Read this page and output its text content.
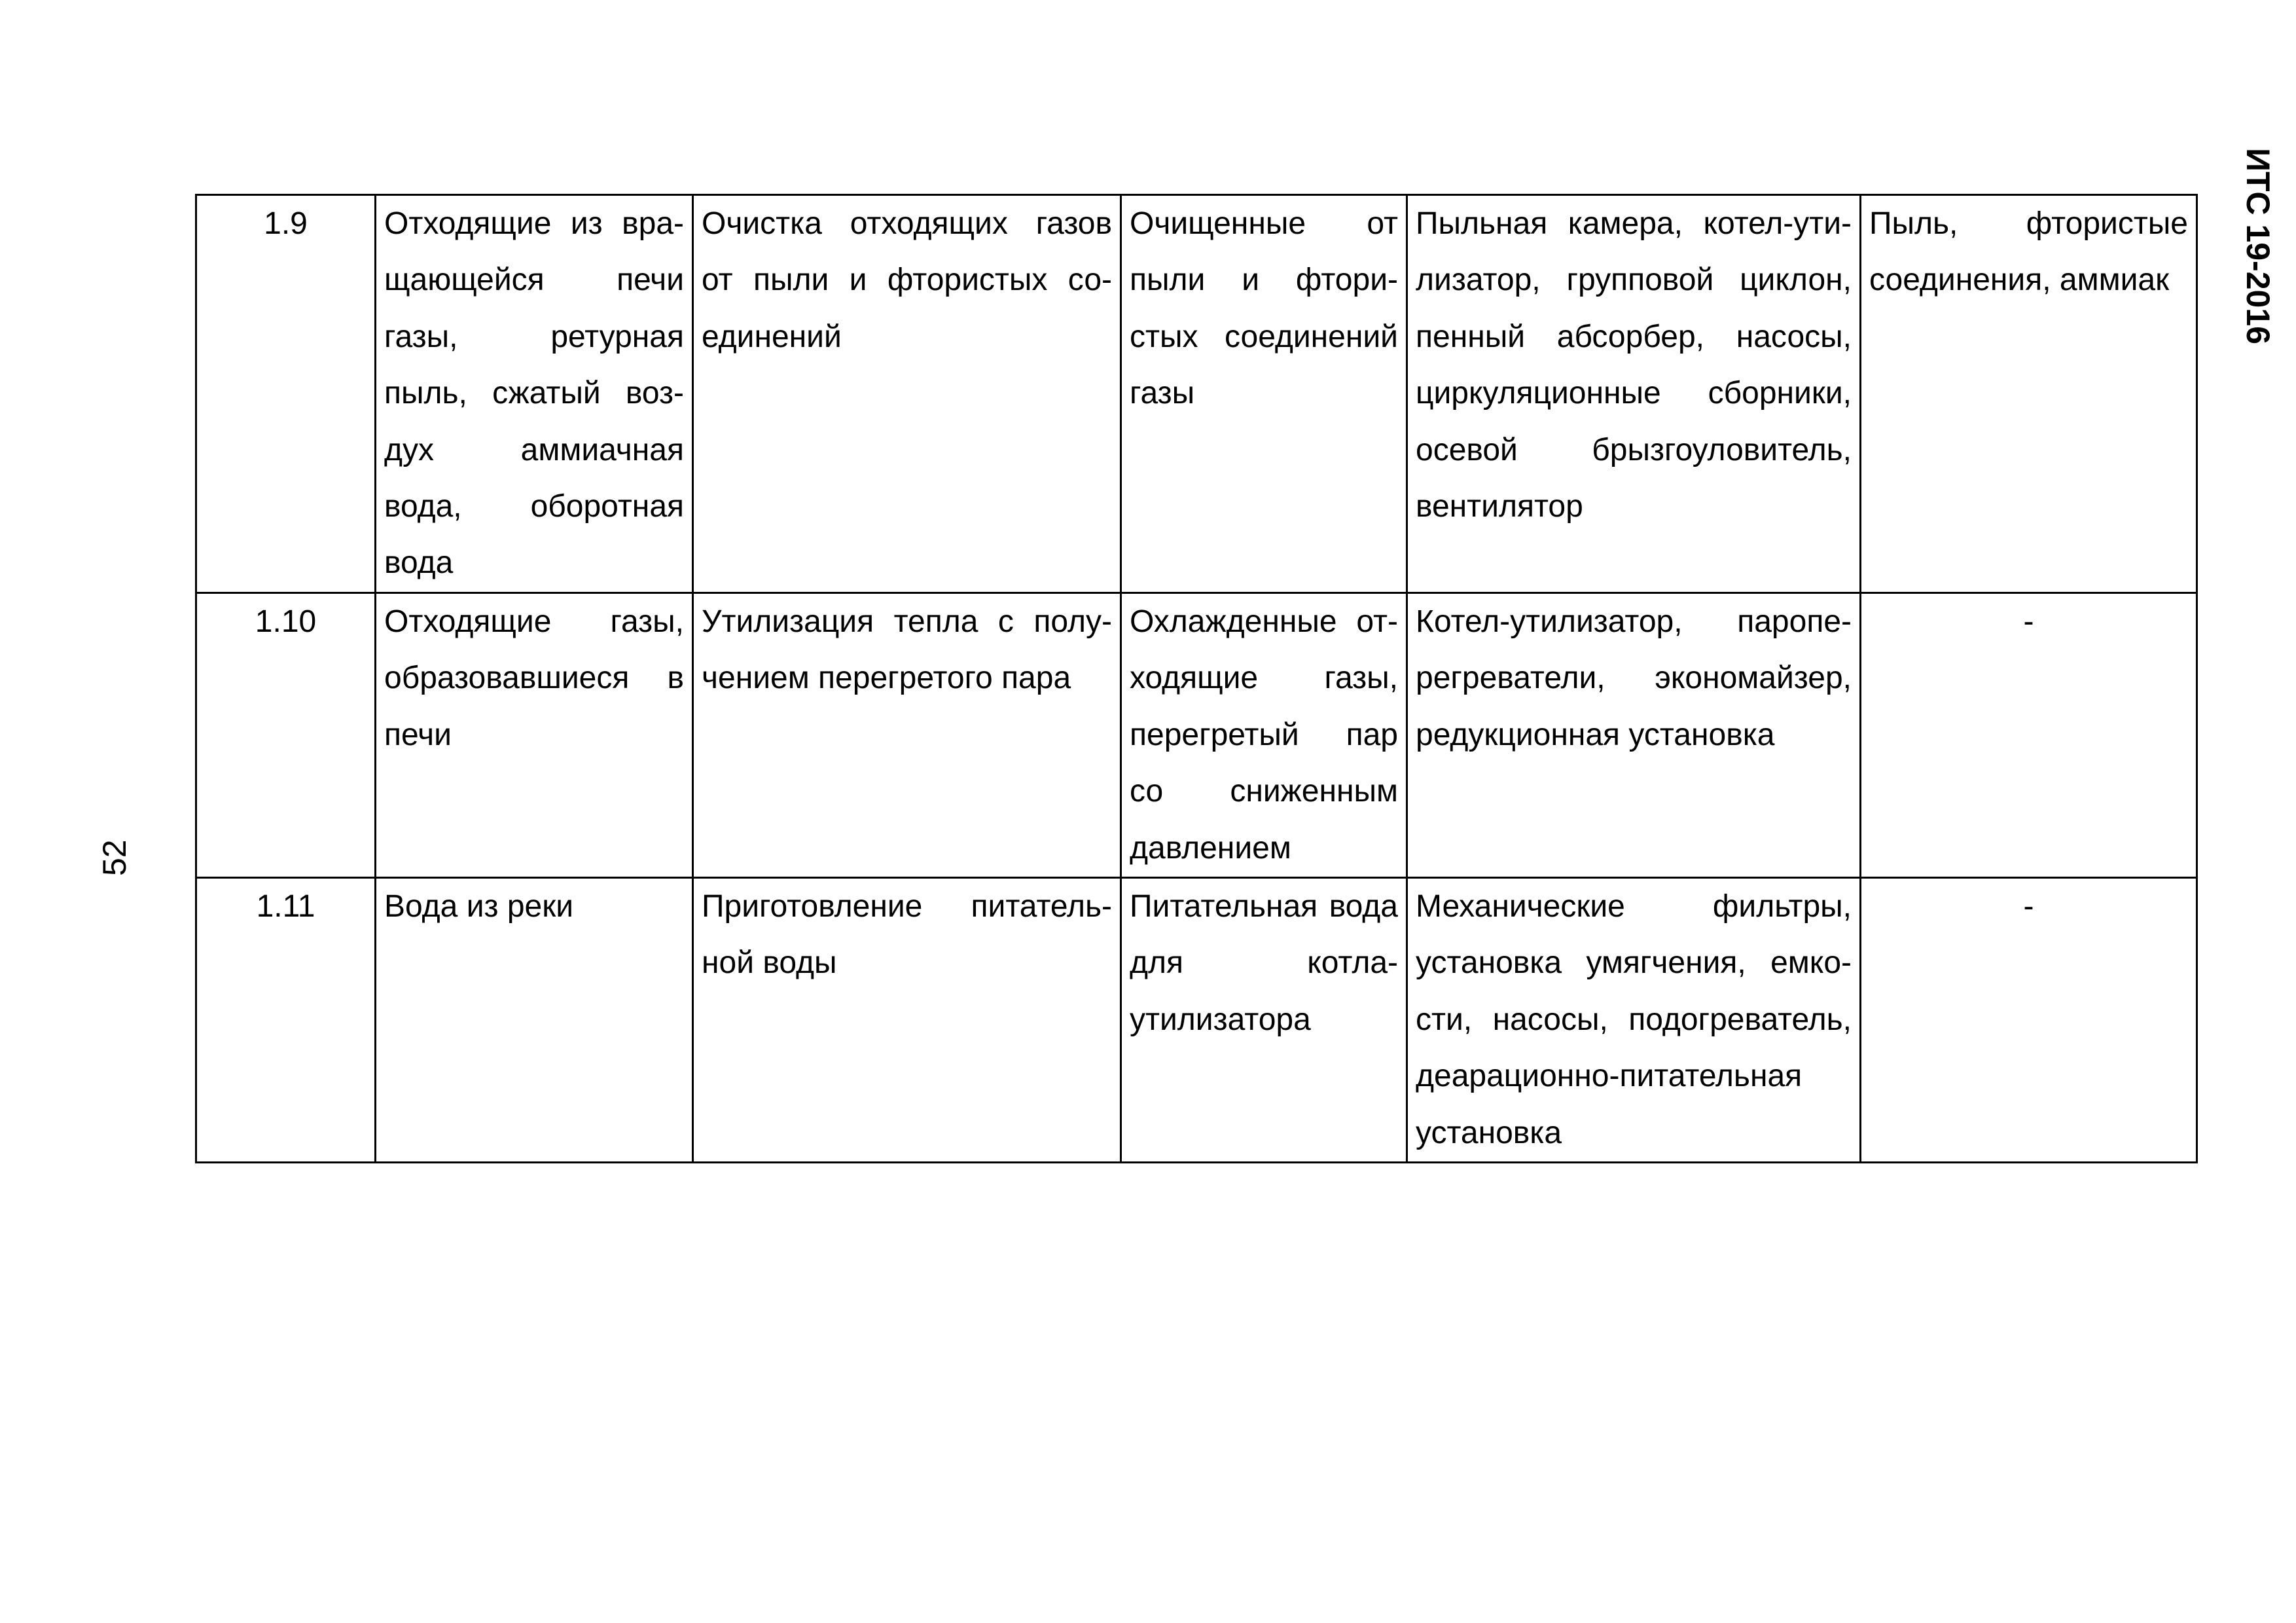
ИТС 19-2016
52
1.9	Отходящие из вращающейся печи газы, ретурная пыль, сжатый воздух аммиачная вода, оборотная вода	Очистка отходящих газов от пыли и фтористых соединений	Очищенные от пыли и фтористых соединений газы	Пыльная камера, котел-утилизатор, групповой циклон, пенный абсорбер, насосы, циркуляционные сборники, осевой брызгоуловитель, вентилятор	Пыль, фтористые соединения, аммиак
1.10	Отходящие газы, образовавшиеся в печи	Утилизация тепла с получением перегретого пара	Охлажденные отходящие газы, перегретый пар со сниженным давлением	Котел-утилизатор, пароперегреватели, экономайзер, редукционная установка	-
1.11	Вода из реки	Приготовление питательной воды	Питательная вода для котла-утилизатора	Механические фильтры, установка умягчения, емкости, насосы, подогреватель, деарационно-питательная установка	-
